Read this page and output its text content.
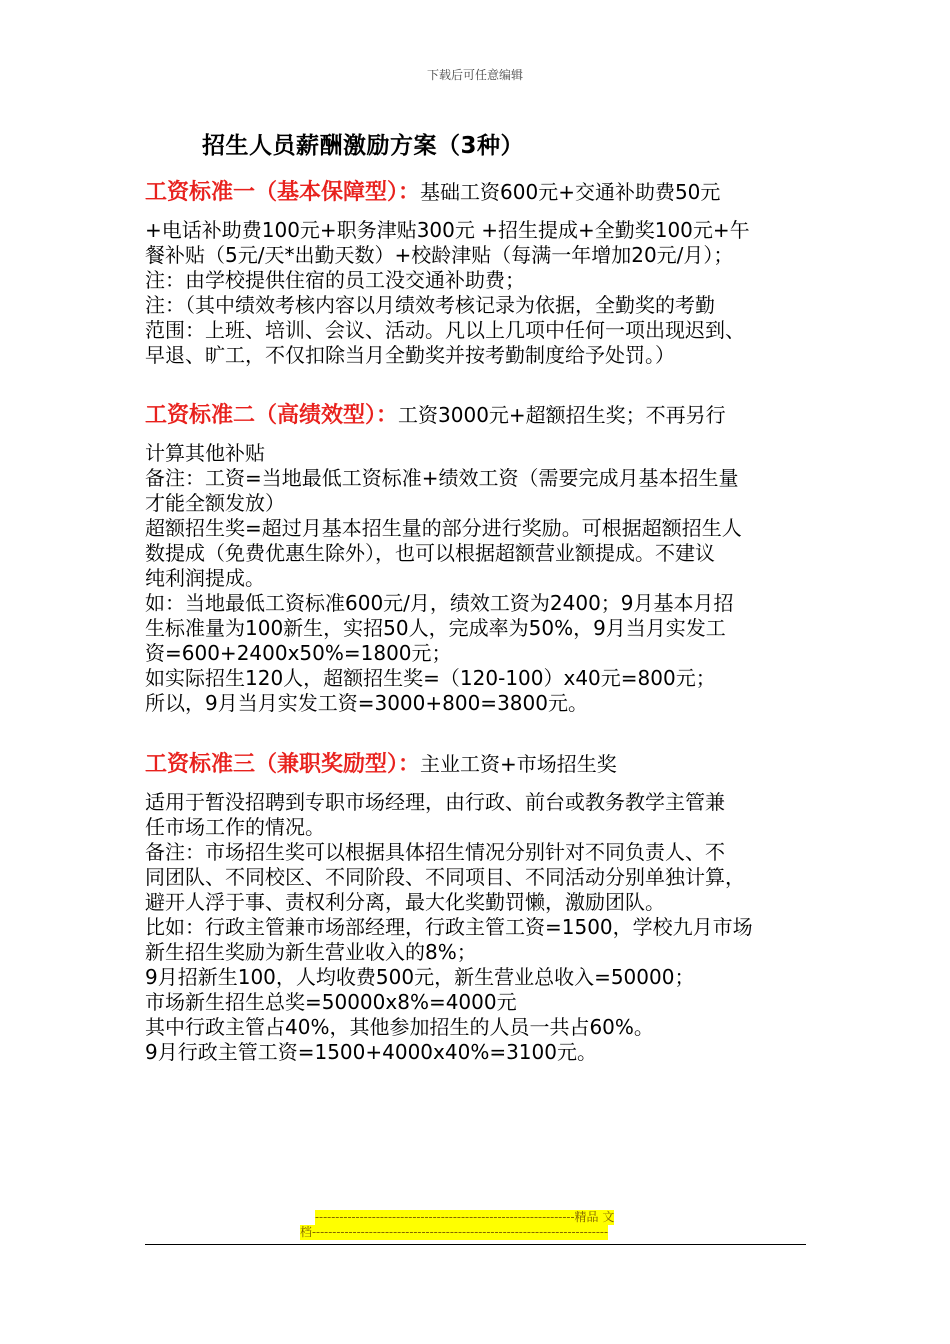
下载后可任意编辑
招生人员薪酬激励方案（3种）
工资标准一（基本保障型）：基础工资600元+交通补助费50元
+电话补助费100元+职务津贴300元 +招生提成+全勤奖100元+午
餐补贴（5元/天*出勤天数）+校龄津贴（每满一年增加20元/月）；
注：由学校提供住宿的员工没交通补助费；
注：（其中绩效考核内容以月绩效考核记录为依据，全勤奖的考勤
范围：上班、培训、会议、活动。凡以上几项中任何一项出现迟到、
早退、旷工，不仅扣除当月全勤奖并按考勤制度给予处罚。）
工资标准二（高绩效型）：工资3000元+超额招生奖；不再另行
计算其他补贴
备注：工资=当地最低工资标准+绩效工资（需要完成月基本招生量
才能全额发放）
超额招生奖=超过月基本招生量的部分进行奖励。可根据超额招生人
数提成（免费优惠生除外），也可以根据超额营业额提成。不建议
纯利润提成。
如：当地最低工资标准600元/月，绩效工资为2400；9月基本月招
生标准量为100新生，实招50人，完成率为50%，9月当月实发工
资=600+2400x50%=1800元；
如实际招生120人，超额招生奖=（120-100）x40元=800元；
所以，9月当月实发工资=3000+800=3800元。
工资标准三（兼职奖励型）：主业工资+市场招生奖
适用于暂没招聘到专职市场经理，由行政、前台或教务教学主管兼
任市场工作的情况。
备注：市场招生奖可以根据具体招生情况分别针对不同负责人、不
同团队、不同校区、不同阶段、不同项目、不同活动分别单独计算，
避开人浮于事、责权利分离，最大化奖勤罚懒，激励团队。
比如：行政主管兼市场部经理，行政主管工资=1500，学校九月市场
新生招生奖励为新生营业收入的8%；
9月招新生100，人均收费500元，新生营业总收入=50000；
市场新生招生总奖=50000x8%=4000元
其中行政主管占40%，其他参加招生的人员一共占60%。
9月行政主管工资=1500+4000x40%=3100元。
----------------------------------------------------------------精品 文
档-------------------------------------------------------------------------
